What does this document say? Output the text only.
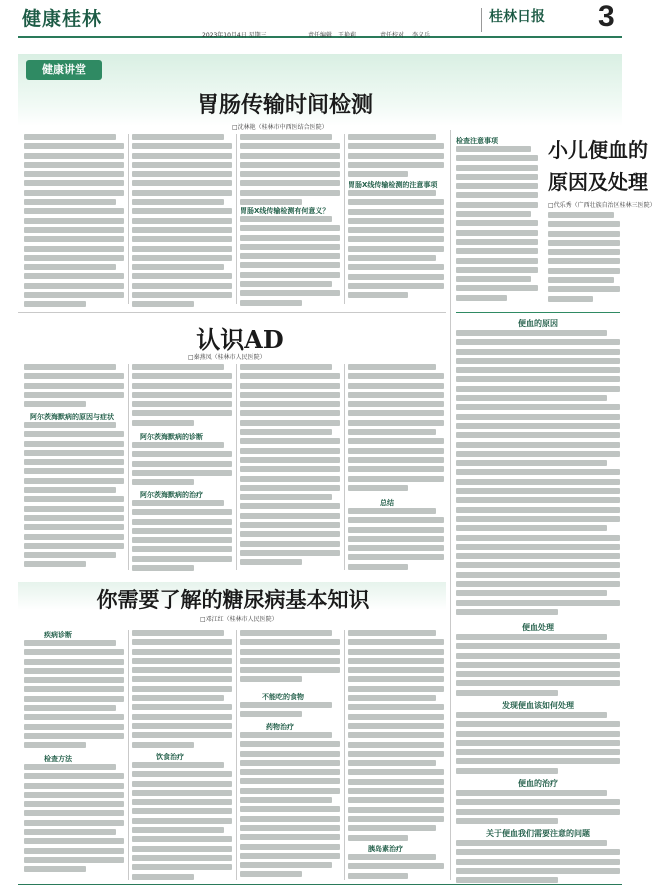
健康桂林
2023年10月4日 星期三	责任编辑 王艳莉	责任校对 李义兵
桂林日报 3
健康讲堂
胃肠传输时间检测
□沈林艳（桂林市中西医结合医院）
胃肠X线传输检测有何意义？
胃肠X线传输检测的注意事项
检查注意事项	小儿便血的
原因及处理
认识AD
□秦燕凤（桂林市人民医院）
阿尔茨海默病的原因与症状
阿尔茨海默病的诊断
阿尔茨海默病的治疗
总结
你需要了解的糖尿病基本知识
□邓江红（桂林市人民医院）
疾病诊断
检查方法	饮食治疗
不能吃的食物
药物治疗
胰岛素治疗
□代乐秀（广西壮族自治区桂林三医院）
便血的原因
便血处理
发现便血该如何处理
便血的治疗
关于便血我们需要注意的问题
